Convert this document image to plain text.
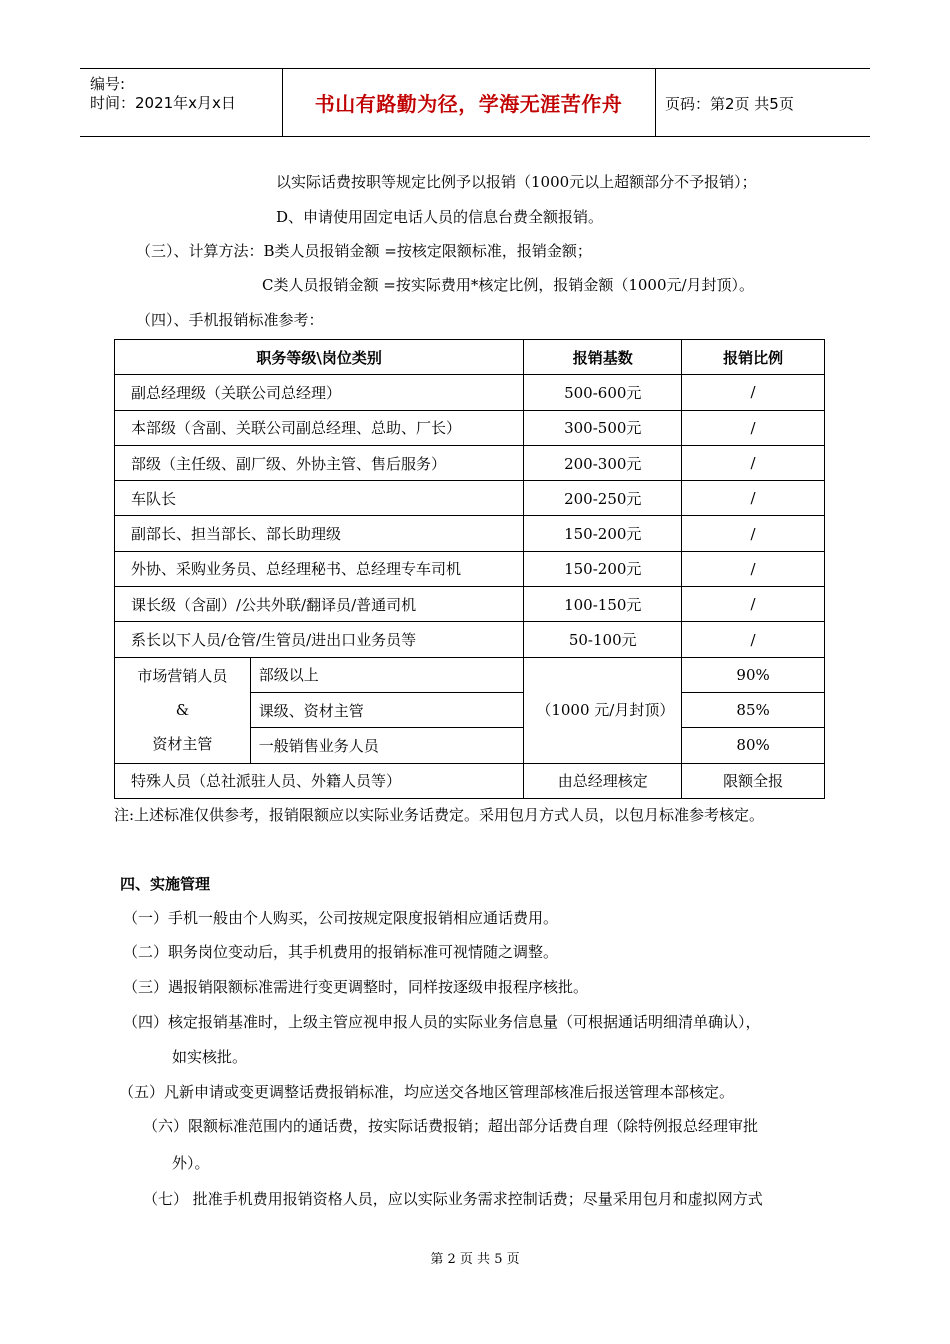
编号:
时间：2021年x月x日	书山有路勤为径，学海无涯苦作舟	页码：第2页 共5页
以实际话费按职等规定比例予以报销（1000元以上超额部分不予报销）；
D、申请使用固定电话人员的信息台费全额报销。
（三）、计算方法：B类人员报销金额 =按核定限额标准，报销金额；
C类人员报销金额 =按实际费用*核定比例，报销金额（1000元/月封顶）。
（四）、手机报销标准参考：
职务等级\岗位类别		报销基数	报销比例
副总经理级（关联公司总经理）		500-600元	/
本部级（含副、关联公司副总经理、总助、厂长）		300-500元	/
部级（主任级、副厂级、外协主管、售后服务）		200-300元	/
车队长		200-250元	/
副部长、担当部长、部长助理级		150-200元	/
外协、采购业务员、总经理秘书、总经理专车司机		150-200元	/
课长级（含副）/公共外联/翻译员/普通司机		100-150元	/
系长以下人员/仓管/生管员/进出口业务员等		50-100元	/

市场营销人员
&
资材主管	部级以上	（1000 元/月封顶）	90%
	课级、资材主管		85%
	一般销售业务人员		80%
特殊人员（总社派驻人员、外籍人员等）		由总经理核定	限额全报
注:上述标准仅供参考，报销限额应以实际业务话费定。采用包月方式人员，以包月标准参考核定。
四、实施管理
（一）手机一般由个人购买，公司按规定限度报销相应通话费用。
（二）职务岗位变动后，其手机费用的报销标准可视情随之调整。
（三）遇报销限额标准需进行变更调整时，同样按逐级申报程序核批。
（四）核定报销基准时，上级主管应视申报人员的实际业务信息量（可根据通话明细清单确认），
如实核批。
（五）凡新申请或变更调整话费报销标准，均应送交各地区管理部核准后报送管理本部核定。
（六）限额标准范围内的通话费，按实际话费报销；超出部分话费自理（除特例报总经理审批
外）。
（七） 批准手机费用报销资格人员，应以实际业务需求控制话费；尽量采用包月和虚拟网方式
第 2 页 共 5 页
